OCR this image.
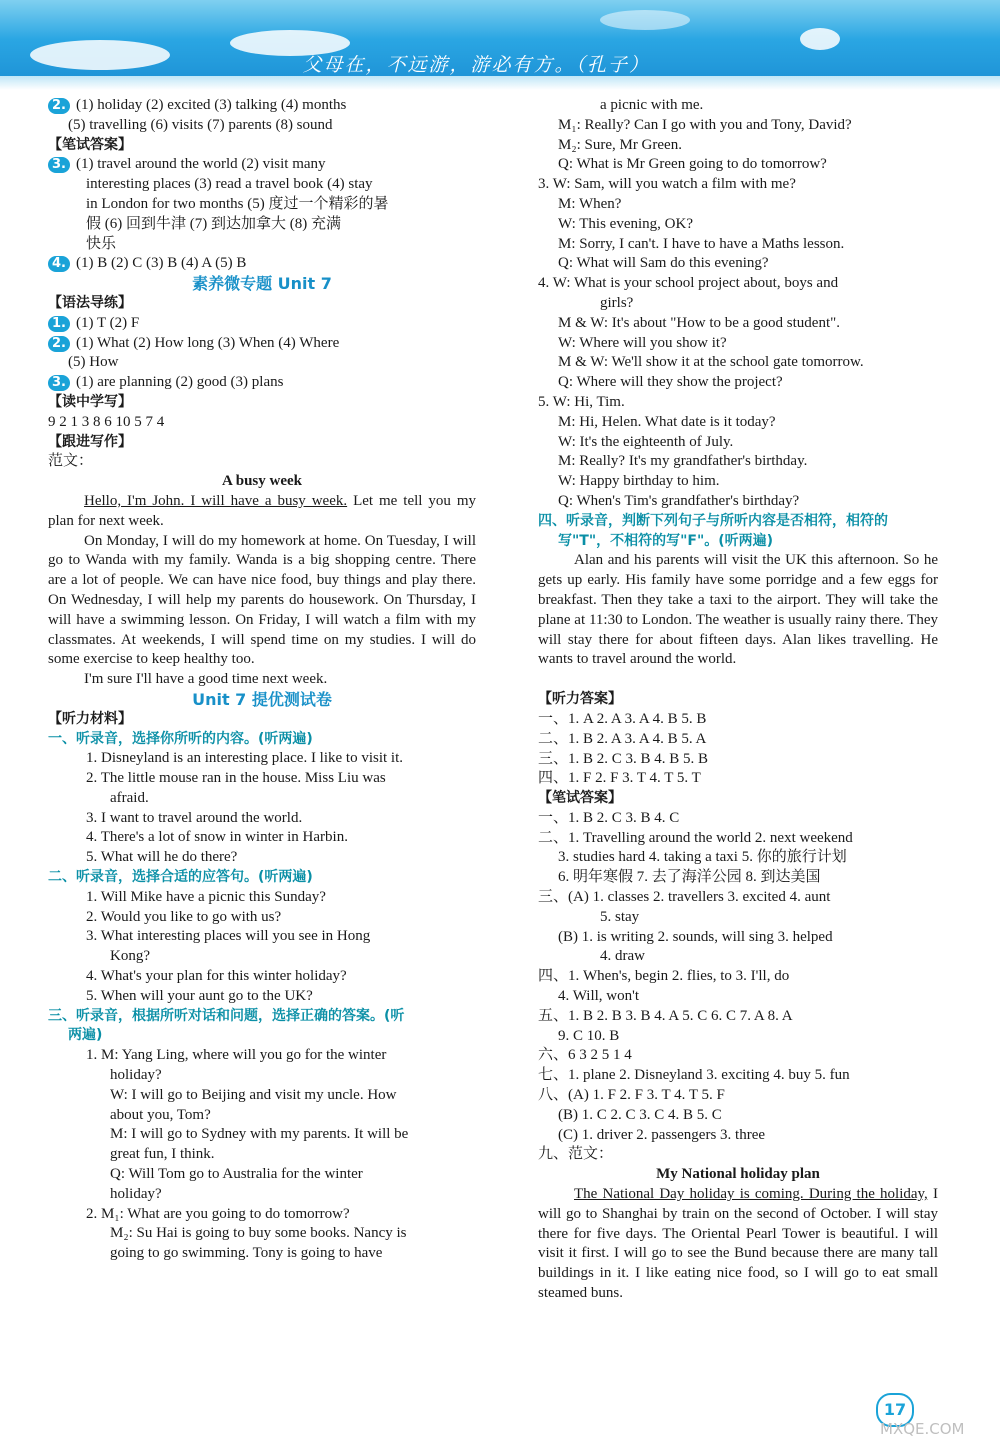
父母在，不远游，游必有方。（孔子）
2. (1) holiday (2) excited (3) talking (4) months
(5) travelling (6) visits (7) parents (8) sound
【笔试答案】
3. (1) travel around the world (2) visit many
interesting places (3) read a travel book (4) stay
in London for two months (5) 度过一个精彩的暑
假 (6) 回到牛津 (7) 到达加拿大 (8) 充满
快乐
4. (1) B (2) C (3) B (4) A (5) B
素养微专题 Unit 7
【语法导练】
1. (1) T (2) F
2. (1) What (2) How long (3) When (4) Where
(5) How
3. (1) are planning (2) good (3) plans
【读中学写】
9 2 1 3 8 6 10 5 7 4
【跟进写作】
范文：
A busy week
Hello, I'm John. I will have a busy week. Let me tell you my plan for next week.
On Monday, I will do my homework at home. On Tuesday, I will go to Wanda with my family. Wanda is a big shopping centre. There are a lot of people. We can have nice food, buy things and play there. On Wednesday, I will help my parents do housework. On Thursday, I will have a swimming lesson. On Friday, I will watch a film with my classmates. At weekends, I will spend time on my studies. I will do some exercise to keep healthy too.
I'm sure I'll have a good time next week.
Unit 7 提优测试卷
【听力材料】
一、听录音，选择你所听的内容。(听两遍)
1. Disneyland is an interesting place. I like to visit it.
2. The little mouse ran in the house. Miss Liu was
afraid.
3. I want to travel around the world.
4. There's a lot of snow in winter in Harbin.
5. What will he do there?
二、听录音，选择合适的应答句。(听两遍)
1. Will Mike have a picnic this Sunday?
2. Would you like to go with us?
3. What interesting places will you see in Hong
Kong?
4. What's your plan for this winter holiday?
5. When will your aunt go to the UK?
三、听录音，根据所听对话和问题，选择正确的答案。(听
两遍)
1. M: Yang Ling, where will you go for the winter
holiday?
W: I will go to Beijing and visit my uncle. How
about you, Tom?
M: I will go to Sydney with my parents. It will be
great fun, I think.
Q: Will Tom go to Australia for the winter
holiday?
2. M₁: What are you going to do tomorrow?
M₂: Su Hai is going to buy some books. Nancy is
going to go swimming. Tony is going to have
a picnic with me.
M₁: Really? Can I go with you and Tony, David?
M₂: Sure, Mr Green.
Q: What is Mr Green going to do tomorrow?
3. W: Sam, will you watch a film with me?
M: When?
W: This evening, OK?
M: Sorry, I can't. I have to have a Maths lesson.
Q: What will Sam do this evening?
4. W: What is your school project about, boys and
girls?
M & W: It's about "How to be a good student".
W: Where will you show it?
M & W: We'll show it at the school gate tomorrow.
Q: Where will they show the project?
5. W: Hi, Tim.
M: Hi, Helen. What date is it today?
W: It's the eighteenth of July.
M: Really? It's my grandfather's birthday.
W: Happy birthday to him.
Q: When's Tim's grandfather's birthday?
四、听录音，判断下列句子与所听内容是否相符，相符的
写"T"，不相符的写"F"。(听两遍)
Alan and his parents will visit the UK this afternoon. So he gets up early. His family have some porridge and a few eggs for breakfast. Then they take a taxi to the airport. They will take the plane at 11:30 to London. The weather is usually rainy there. They will stay there for about fifteen days. Alan likes travelling. He wants to travel around the world.
【听力答案】
一、1. A 2. A 3. A 4. B 5. B
二、1. B 2. A 3. A 4. B 5. A
三、1. B 2. C 3. B 4. B 5. B
四、1. F 2. F 3. T 4. T 5. T
【笔试答案】
一、1. B 2. C 3. B 4. C
二、1. Travelling around the world 2. next weekend
3. studies hard 4. taking a taxi 5. 你的旅行计划
6. 明年寒假 7. 去了海洋公园 8. 到达美国
三、(A) 1. classes 2. travellers 3. excited 4. aunt
5. stay
(B) 1. is writing 2. sounds, will sing 3. helped
4. draw
四、1. When's, begin 2. flies, to 3. I'll, do
4. Will, won't
五、1. B 2. B 3. B 4. A 5. C 6. C 7. A 8. A
9. C 10. B
六、6 3 2 5 1 4
七、1. plane 2. Disneyland 3. exciting 4. buy 5. fun
八、(A) 1. F 2. F 3. T 4. T 5. F
(B) 1. C 2. C 3. C 4. B 5. C
(C) 1. driver 2. passengers 3. three
九、范文：
My National holiday plan
The National Day holiday is coming. During the holiday, I will go to Shanghai by train on the second of October. I will stay there for five days. The Oriental Pearl Tower is beautiful. I will visit it first. I will go to see the Bund because there are many tall buildings in it. I like eating nice food, so I will go to eat small steamed buns.
17
MXQE.COM
